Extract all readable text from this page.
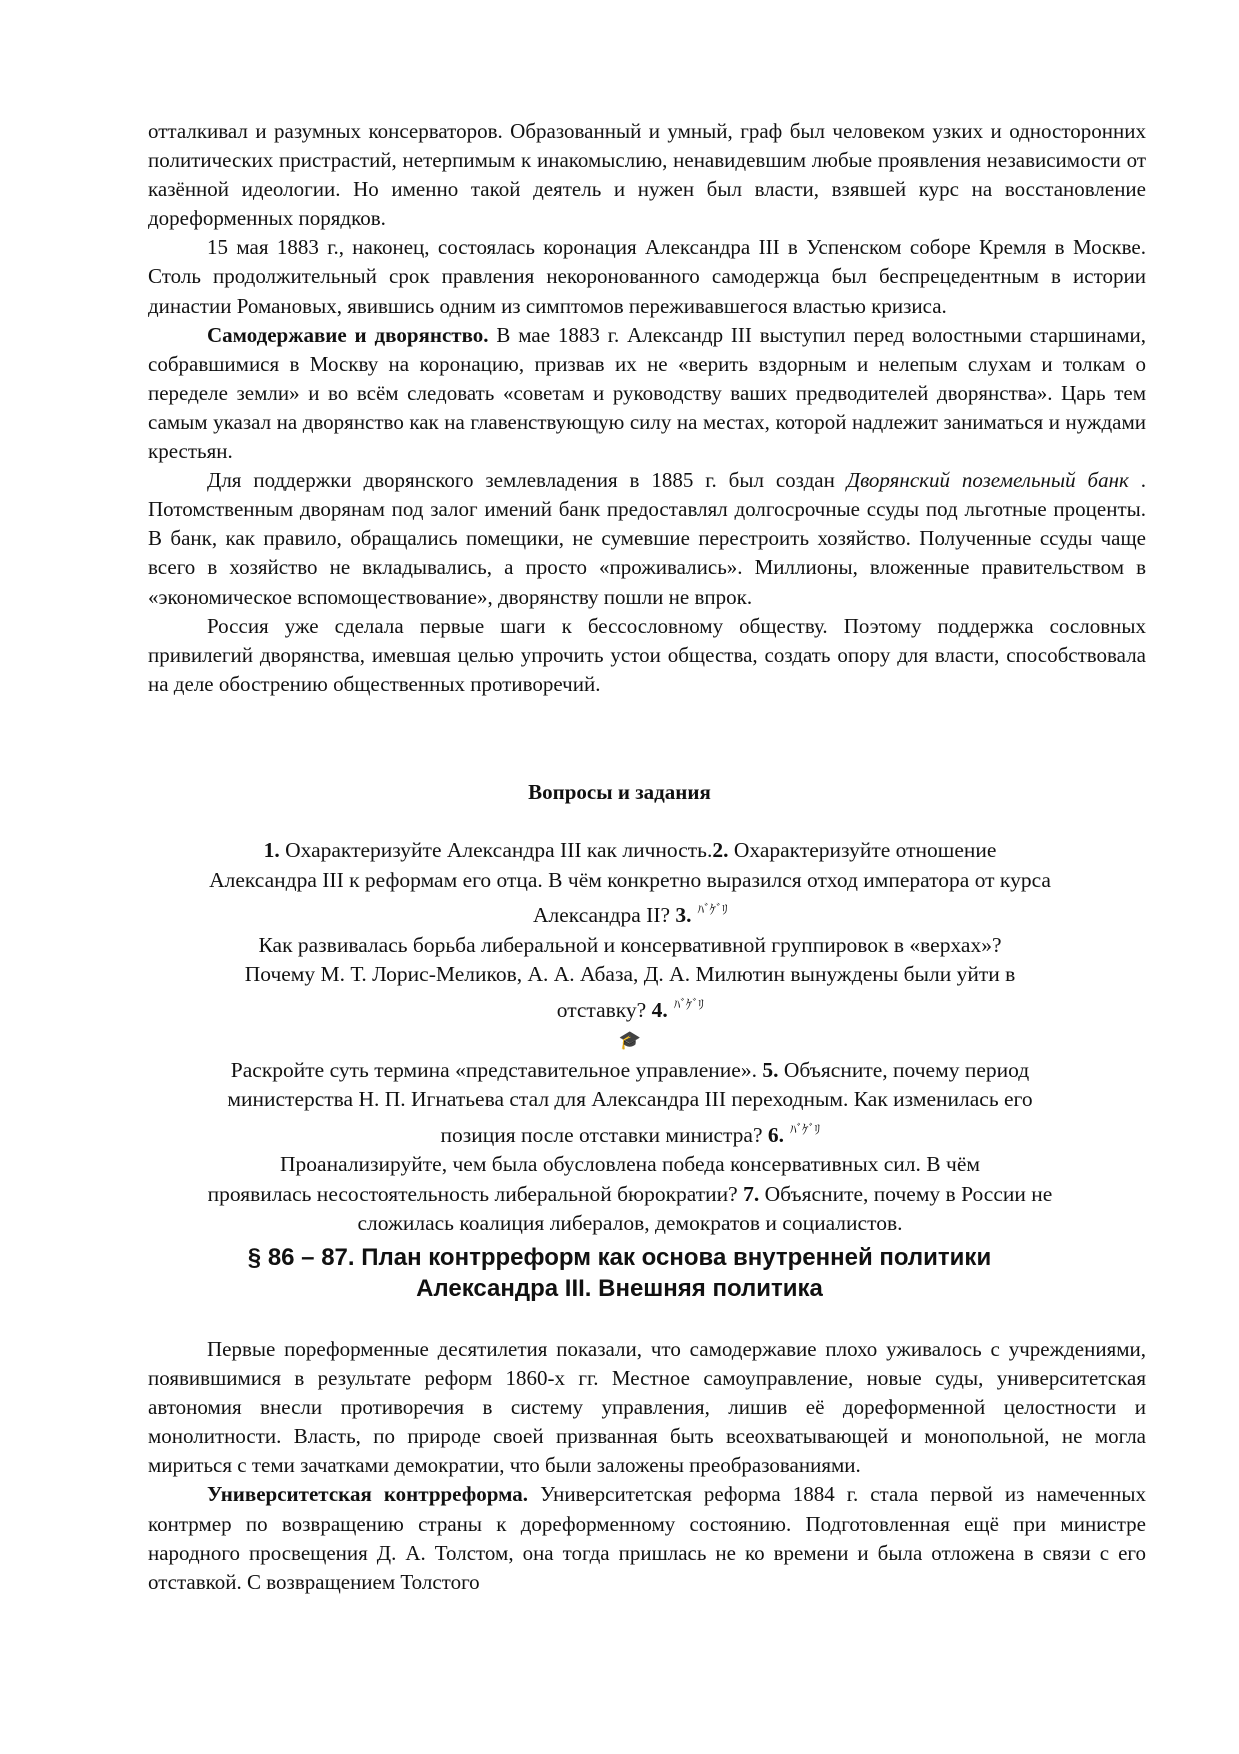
отталкивал и разумных консерваторов. Образованный и умный, граф был человеком узких и односторонних политических пристрастий, нетерпимым к инакомыслию, ненавидевшим любые проявления независимости от казённой идеологии. Но именно такой деятель и нужен был власти, взявшей курс на восстановление дореформенных порядков.

15 мая 1883 г., наконец, состоялась коронация Александра III в Успенском соборе Кремля в Москве. Столь продолжительный срок правления некоронованного самодержца был беспрецедентным в истории династии Романовых, явившись одним из симптомов переживавшегося властью кризиса.

Самодержавие и дворянство. В мае 1883 г. Александр III выступил перед волостными старшинами, собравшимися в Москву на коронацию, призвав их не «верить вздорным и нелепым слухам и толкам о переделе земли» и во всём следовать «советам и руководству ваших предводителей дворянства». Царь тем самым указал на дворянство как на главенствующую силу на местах, которой надлежит заниматься и нуждами крестьян.

Для поддержки дворянского землевладения в 1885 г. был создан Дворянский поземельный банк . Потомственным дворянам под залог имений банк предоставлял долгосрочные ссуды под льготные проценты. В банк, как правило, обращались помещики, не сумевшие перестроить хозяйство. Полученные ссуды чаще всего в хозяйство не вкладывались, а просто «проживались». Миллионы, вложенные правительством в «экономическое вспомоществование», дворянству пошли не впрок.

Россия уже сделала первые шаги к бессословному обществу. Поэтому поддержка сословных привилегий дворянства, имевшая целью упрочить устои общества, создать опору для власти, способствовала на деле обострению общественных противоречий.

Вопросы и задания
1. Охарактеризуйте Александра III как личность.2. Охарактеризуйте отношение
Александра III к реформам его отца. В чём конкретно выразился отход императора от курса
Александра II? 3. ﾊﾞｹﾞﾘ
Как развивалась борьба либеральной и консервативной группировок в «верхах»?
Почему М. Т. Лорис-Меликов, А. А. Абаза, Д. А. Милютин вынуждены были уйти в
отставку? 4. ﾊﾞｹﾞﾘ
🎓
Раскройте суть термина «представительное управление». 5. Объясните, почему период
министерства Н. П. Игнатьева стал для Александра III переходным. Как изменилась его
позиция после отставки министра? 6. ﾊﾞｹﾞﾘ
Проанализируйте, чем была обусловлена победа консервативных сил. В чём
проявилась несостоятельность либеральной бюрократии? 7. Объясните, почему в России не
сложилась коалиция либералов, демократов и социалистов.
§ 86 – 87. План контрреформ как основа внутренней политики
Александра III. Внешняя политика

Первые пореформенные десятилетия показали, что самодержавие плохо уживалось с учреждениями, появившимися в результате реформ 1860-х гг. Местное самоуправление, новые суды, университетская автономия внесли противоречия в систему управления, лишив её дореформенной целостности и монолитности. Власть, по природе своей призванная быть всеохватывающей и монопольной, не могла мириться с теми зачатками демократии, что были заложены преобразованиями.

Университетская контрреформа. Университетская реформа 1884 г. стала первой из намеченных контрмер по возвращению страны к дореформенному состоянию. Подготовленная ещё при министре народного просвещения Д. А. Толстом, она тогда пришлась не ко времени и была отложена в связи с его отставкой. С возвращением Толстого
